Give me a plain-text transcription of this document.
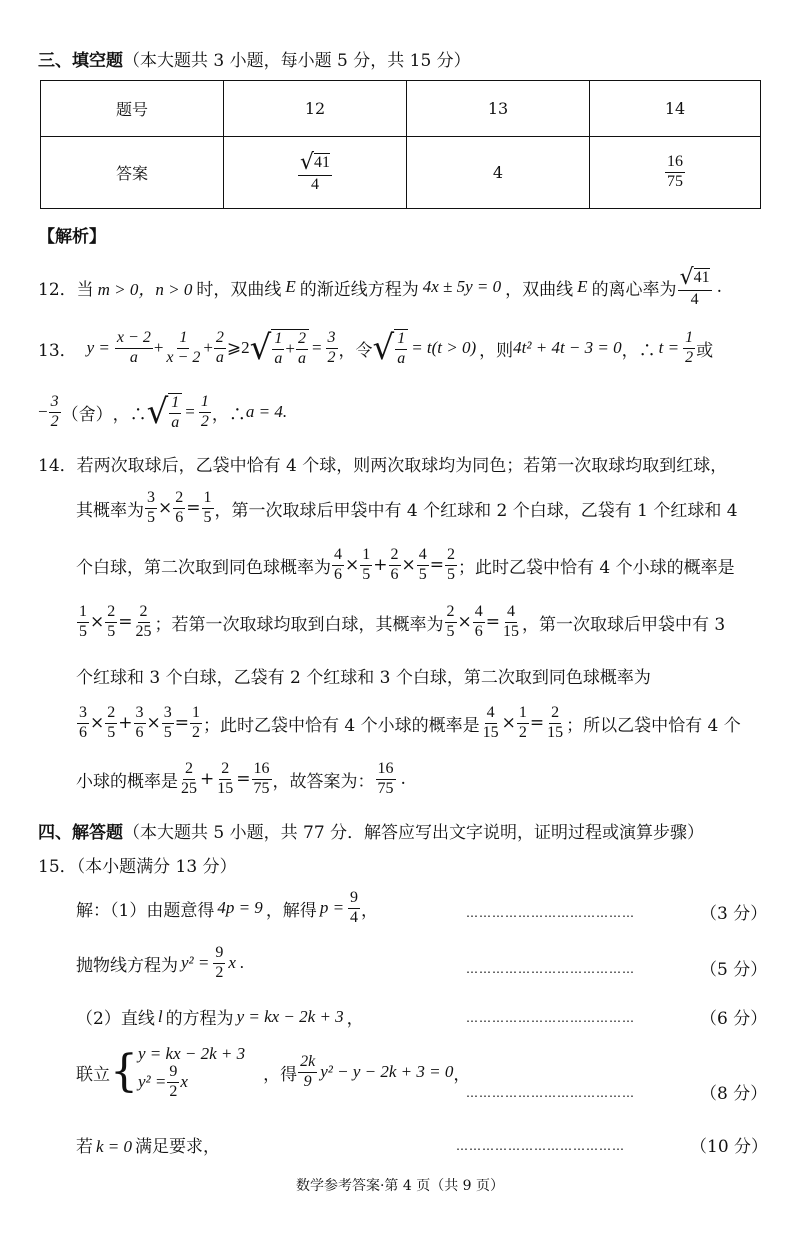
三、填空题（本大题共 3 小题，每小题 5 分，共 15 分）
题号	12	13	14
答案	$\frac{√ 41}{4}$	4	$\frac{16}{75}$
【解析】
12． 当 m > 0，n > 0 时，双曲线 E 的渐近线方程为 4x ± 5y = 0 ，双曲线 E 的离心率为 $\frac{√ 41}{4}$ .
13． $y = \frac{x - 2}{a} + \frac{1}{x - 2} + \frac{2}{a}$ ⩾2 √ $\frac{1}{a} + \frac{2}{a} = \frac{3}{2}$ ，令 √ $\frac{1}{a} = t(t > 0)$ ，则 4t² + 4t − 3 = 0 ，∴ $t = \frac{1}{2}$ 或
− $\frac{3}{2}$ （舍） ，∴ √ $\frac{1}{a} = \frac{1}{2}$ ，∴ a = 4.
14．若两次取球后，乙袋中恰有 4 个球，则两次取球均为同色；若第一次取球均取到红球，
其概率为 $\frac{3}{5} \times \frac{2}{6} = \frac{1}{5}$ ，第一次取球后甲袋中有 4 个红球和 2 个白球，乙袋有 1 个红球和 4
个白球，第二次取到同色球概率为 $\frac{4}{6} \times \frac{1}{5} + \frac{2}{6} \times \frac{4}{5} = \frac{2}{5}$ ；此时乙袋中恰有 4 个小球的概率是
$\frac{1}{5} \times \frac{2}{5} = \frac{2}{25}$ ；若第一次取球均取到白球，其概率为 $\frac{2}{5} \times \frac{4}{6} = \frac{4}{15}$ ，第一次取球后甲袋中有 3
个红球和 3 个白球，乙袋有 2 个红球和 3 个白球，第二次取到同色球概率为
$\frac{3}{6} \times \frac{2}{5} + \frac{3}{6} \times \frac{3}{5} = \frac{1}{2}$ ；此时乙袋中恰有 4 个小球的概率是 $\frac{4}{15} \times \frac{1}{2} = \frac{2}{15}$ ；所以乙袋中恰有 4 个
小球的概率是 $\frac{2}{25} + \frac{2}{15} = \frac{16}{75}$ ，故答案为： $\frac{16}{75}$ .
四、解答题（本大题共 5 小题，共 77 分．解答应写出文字说明，证明过程或演算步骤）
15．（本小题满分 13 分）
解：（1）由题意得 4p = 9 ，解得 $p = \frac{9}{4}$ ，	…………………………………	（3 分）
抛物线方程为 $y^2 = \frac{9}{2}$ x .	…………………………………	（5 分）
（2）直线 l 的方程为 y = kx − 2k + 3 ，	…………………………………	（6 分）
联立 { y = kx − 2k + 3
$y^2 = \frac{9}{2}$ x	，得 $\frac{2k}{9} y^2 - y - 2k + 3 = 0$ ，
…………………………………	（8 分）
若 k = 0 满足要求，	…………………………………	（10 分）
数学参考答案·第 4 页（共 9 页）
